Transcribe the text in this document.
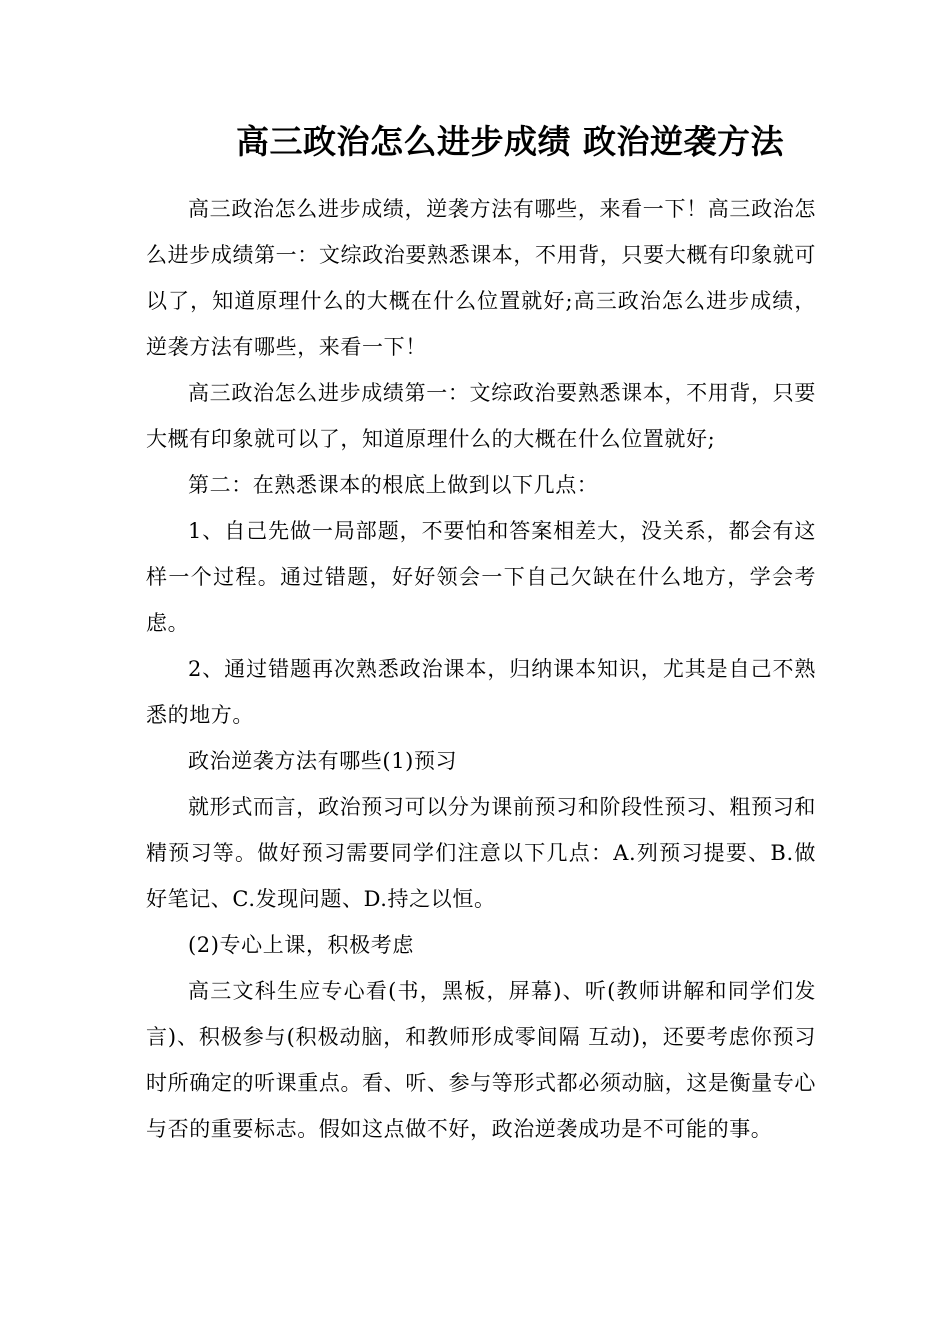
高三政治怎么进步成绩 政治逆袭方法

高三政治怎么进步成绩，逆袭方法有哪些，来看一下！高三政治怎么进步成绩第一：文综政治要熟悉课本，不用背，只要大概有印象就可以了，知道原理什么的大概在什么位置就好;高三政治怎么进步成绩，逆袭方法有哪些，来看一下！

高三政治怎么进步成绩第一：文综政治要熟悉课本，不用背，只要大概有印象就可以了，知道原理什么的大概在什么位置就好;

第二：在熟悉课本的根底上做到以下几点：

1、自己先做一局部题，不要怕和答案相差大，没关系，都会有这样一个过程。通过错题，好好领会一下自己欠缺在什么地方，学会考虑。

2、通过错题再次熟悉政治课本，归纳课本知识，尤其是自己不熟悉的地方。

政治逆袭方法有哪些(1)预习

就形式而言，政治预习可以分为课前预习和阶段性预习、粗预习和精预习等。做好预习需要同学们注意以下几点：A.列预习提要、B.做好笔记、C.发现问题、D.持之以恒。

(2)专心上课，积极考虑

高三文科生应专心看(书，黑板，屏幕)、听(教师讲解和同学们发言)、积极参与(积极动脑，和教师形成零间隔 互动)，还要考虑你预习时所确定的听课重点。看、听、参与等形式都必须动脑，这是衡量专心与否的重要标志。假如这点做不好，政治逆袭成功是不可能的事。
